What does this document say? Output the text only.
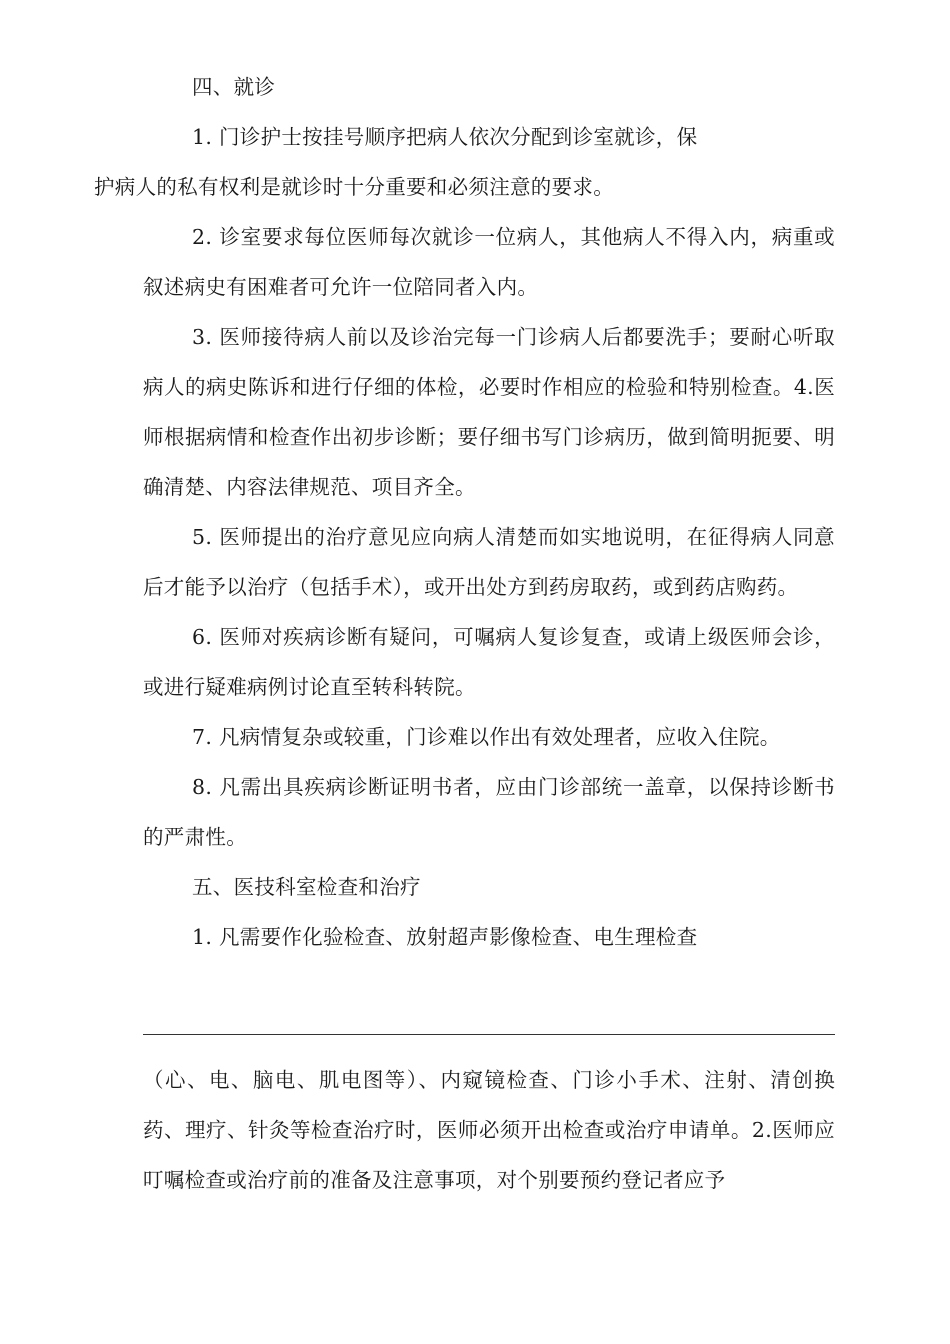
四、就诊

1. 门诊护士按挂号顺序把病人依次分配到诊室就诊，保
护病人的私有权利是就诊时十分重要和必须注意的要求。

2. 诊室要求每位医师每次就诊一位病人，其他病人不得入内，病重或叙述病史有困难者可允许一位陪同者入内。

3. 医师接待病人前以及诊治完每一门诊病人后都要洗手；要耐心听取病人的病史陈诉和进行仔细的体检，必要时作相应的检验和特别检查。4.医师根据病情和检查作出初步诊断；要仔细书写门诊病历，做到简明扼要、明确清楚、内容法律规范、项目齐全。

5. 医师提出的治疗意见应向病人清楚而如实地说明，在征得病人同意后才能予以治疗（包括手术），或开出处方到药房取药，或到药店购药。

6. 医师对疾病诊断有疑问，可嘱病人复诊复查，或请上级医师会诊，或进行疑难病例讨论直至转科转院。

7. 凡病情复杂或较重，门诊难以作出有效处理者，应收入住院。

8. 凡需出具疾病诊断证明书者，应由门诊部统一盖章，以保持诊断书的严肃性。

五、医技科室检查和治疗

1. 凡需要作化验检查、放射超声影像检查、电生理检查

（心、电、脑电、肌电图等）、内窥镜检查、门诊小手术、注射、清创换药、理疗、针灸等检查治疗时，医师必须开出检查或治疗申请单。2.医师应叮嘱检查或治疗前的准备及注意事项，对个别要预约登记者应予
